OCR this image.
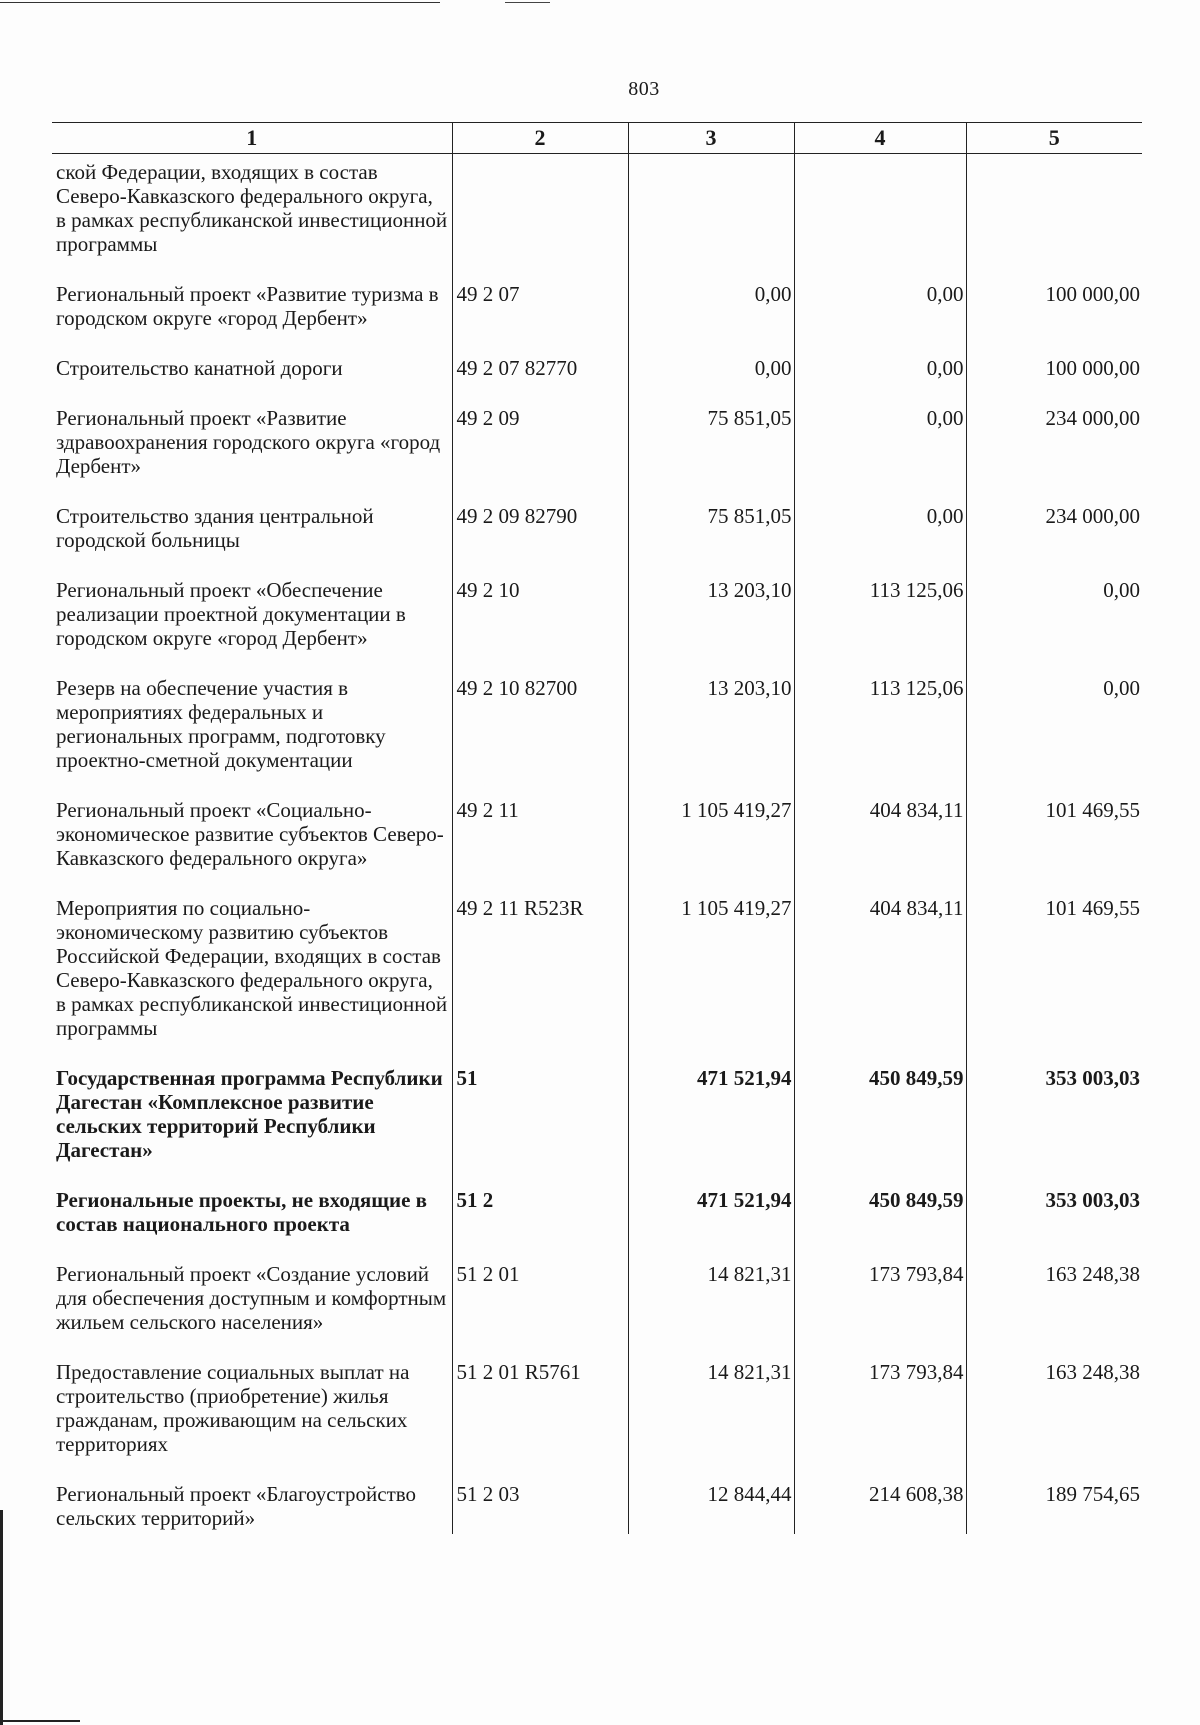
803
1	2	3	4	5
ской Федерации, входящих в состав Северо-Кавказского федерального округа, в рамках республиканской инвестиционной программы				
Региональный проект «Развитие туризма в городском округе «город Дербент»	49 2 07	0,00	0,00	100 000,00
Строительство канатной дороги	49 2 07 82770	0,00	0,00	100 000,00
Региональный проект «Развитие здравоохранения городского округа «город Дербент»	49 2 09	75 851,05	0,00	234 000,00
Строительство здания центральной городской больницы	49 2 09 82790	75 851,05	0,00	234 000,00
Региональный проект «Обеспечение реализации проектной документации в городском округе «город Дербент»	49 2 10	13 203,10	113 125,06	0,00
Резерв на обеспечение участия в мероприятиях федеральных и региональных программ, подготовку проектно-сметной документации	49 2 10 82700	13 203,10	113 125,06	0,00
Региональный проект «Социально-экономическое развитие субъектов Северо-Кавказского федерального округа»	49 2 11	1 105 419,27	404 834,11	101 469,55
Мероприятия по социально-экономическому развитию субъектов Российской Федерации, входящих в состав Северо-Кавказского федерального округа, в рамках республиканской инвестиционной программы	49 2 11 R523R	1 105 419,27	404 834,11	101 469,55
Государственная программа Республики Дагестан «Комплексное развитие сельских территорий Республики Дагестан»	51	471 521,94	450 849,59	353 003,03
Региональные проекты, не входящие в состав национального проекта	51 2	471 521,94	450 849,59	353 003,03
Региональный проект «Создание условий для обеспечения доступным и комфортным жильем сельского населения»	51 2 01	14 821,31	173 793,84	163 248,38
Предоставление социальных выплат на строительство (приобретение) жилья гражданам, проживающим на сельских территориях	51 2 01 R5761	14 821,31	173 793,84	163 248,38
Региональный проект «Благоустройство сельских территорий»	51 2 03	12 844,44	214 608,38	189 754,65
